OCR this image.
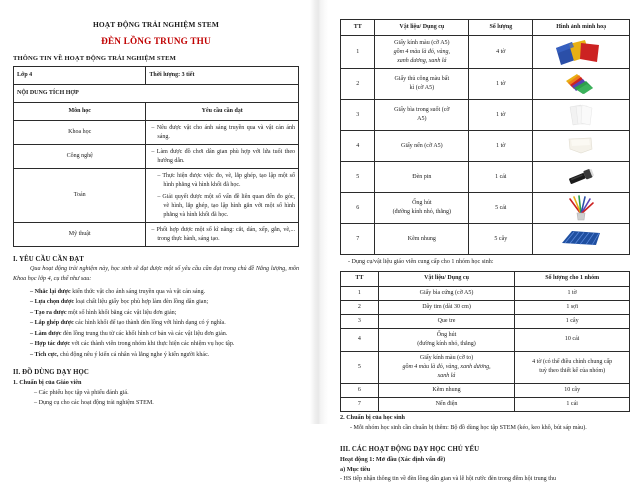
HOẠT ĐỘNG TRẢI NGHIỆM STEM
ĐÈN LỒNG TRUNG THU
THÔNG TIN VỀ HOẠT ĐỘNG TRẢI NGHIỆM STEM
Lớp 4	Thời lượng: 3 tiết
NỘI DUNG TÍCH HỢP	
Môn học	Yêu cầu cần đạt
Khoa học	– Nêu được vật cho ánh sáng truyền qua và vật cản ánh sáng.
Công nghệ	– Làm được đồ chơi dân gian phù hợp với lứa tuổi theo hướng dẫn.
Toán	– Thực hiện được việc đo, vẽ, lắp ghép, tạo lập một số hình phẳng và hình khối đã học.

– Giải quyết được một số vấn đề liên quan đến đo góc, vẽ hình, lắp ghép, tạo lập hình gắn với một số hình phẳng và hình khối đã học.

Mỹ thuật	– Phối hợp được một số kĩ năng: cắt, dán, xếp, gắn, vẽ,... trong thực hành, sáng tạo.
I. YÊU CẦU CẦN ĐẠT
Qua hoạt động trải nghiệm này, học sinh sẽ đạt được một số yêu cầu cần đạt trong chủ đề Năng lượng, môn Khoa học lớp 4, cụ thể như sau:
– Nhắc lại được kiến thức vật cho ánh sáng truyền qua và vật cản sáng.
– Lựa chọn được loại chất liệu giấy bọc phù hợp làm đèn lồng dân gian;
– Tạo ra được một số hình khối bằng các vật liệu đơn giản;
– Lắp ghép được các hình khối để tạo thành đèn lồng với hình dạng có ý nghĩa.
– Làm được đèn lồng trung thu từ các khối hình cơ bản và các vật liệu đơn giản.
– Hợp tác được với các thành viên trong nhóm khi thực hiện các nhiệm vụ học tập.
– Tích cực, chủ động nêu ý kiến cá nhân và lắng nghe ý kiến người khác.
II. ĐỒ DÙNG DẠY HỌC
1. Chuẩn bị của Giáo viên
– Các phiếu học tập và phiếu đánh giá.
– Dụng cụ cho các hoạt động trải nghiệm STEM.
TT	Vật liệu/ Dụng cụ	Số lượng	Hình ảnh minh hoạ
1	Giấy kính màu (cỡ A5)
gồm 4 màu là đỏ, vàng,
xanh dương, xanh lá	4 tờ	

2	Giấy thủ công màu bất
kì (cỡ A5)	1 tờ	

3	Giấy bìa trong suốt (cỡ
A5)	1 tờ	

4	Giấy nến (cỡ A5)	1 tờ	

5	Đèn pin	1 cái	

6	Ống hút
(đường kính nhỏ, thẳng)	5 cái	

7	Kẽm nhung	5 cây	
- Dụng cụ/vật liệu giáo viên cung cấp cho 1 nhóm học sinh:
TT	Vật liệu/ Dụng cụ	Số lượng cho 1 nhóm
1	Giấy bìa cứng (cỡ A5)	1 tờ
2	Dây tim (dài 30 cm)	1 sợi
3	Que tre	1 cây
4	Ống hút
(đường kính nhỏ, thẳng)	10 cái
5	Giấy kính màu (cỡ to)
gồm 4 màu là đỏ, vàng, xanh dương,
xanh lá	4 tờ (có thể điều chỉnh chung cấp
tuỳ theo thiết kế của nhóm)
6	Kẽm nhung	10 cây
7	Nến điện	1 cái
2. Chuẩn bị của học sinh
- Mỗi nhóm học sinh cần chuẩn bị thêm: Bộ đồ dùng học tập STEM (kéo, keo khô, bút sáp màu).
III. CÁC HOẠT ĐỘNG DẠY HỌC CHỦ YẾU
Hoạt động 1: Mở đầu (Xác định vấn đề)
a) Mục tiêu
- HS tiếp nhận thông tin về đèn lồng dân gian và lễ hội rước đèn trong đêm hội trung thu
